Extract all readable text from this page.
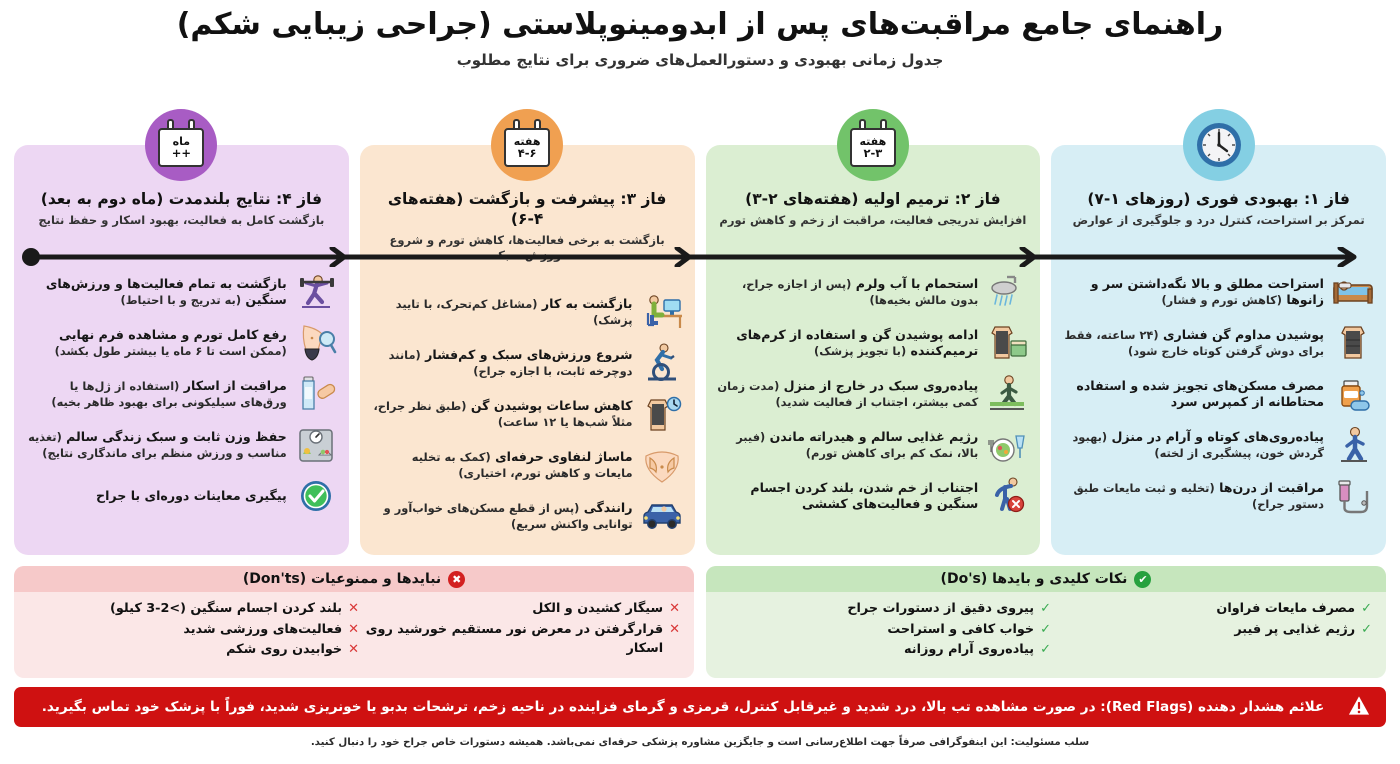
راهنمای جامع مراقبت‌های پس از ابدومینوپلاستی (جراحی زیبایی شکم)
جدول زمانی بهبودی و دستورالعمل‌های ضروری برای نتایج مطلوب
فاز ۱: بهبودی فوری (روزهای ۱-۷)
تمرکز بر استراحت، کنترل درد و جلوگیری از عوارض
استراحت مطلق و بالا نگه‌داشتن سر و زانوها (کاهش تورم و فشار)
پوشیدن مداوم گن فشاری (۲۴ ساعته، فقط برای دوش گرفتن کوتاه خارج شود)
مصرف مسکن‌های تجویز شده و استفاده محتاطانه از کمپرس سرد
پیاده‌روی‌های کوتاه و آرام در منزل (بهبود گردش خون، پیشگیری از لخته)
مراقبت از درن‌ها (تخلیه و ثبت مایعات طبق دستور جراح)
هفته
۲-۳
فاز ۲: ترمیم اولیه (هفته‌های ۲-۳)
افزایش تدریجی فعالیت، مراقبت از زخم و کاهش تورم
استحمام با آب ولرم (پس از اجازه جراح، بدون مالش بخیه‌ها)
ادامه پوشیدن گن و استفاده از کرم‌های ترمیم‌کننده (با تجویز پزشک)
پیاده‌روی سبک در خارج از منزل (مدت زمان کمی بیشتر، اجتناب از فعالیت شدید)
رژیم غذایی سالم و هیدراته ماندن (فیبر بالا، نمک کم برای کاهش تورم)
اجتناب از خم شدن، بلند کردن اجسام سنگین و فعالیت‌های کششی
هفته
۴-۶
فاز ۳: پیشرفت و بازگشت (هفته‌های ۴-۶)
بازگشت به برخی فعالیت‌ها، کاهش تورم و شروع ورزش سبک
بازگشت به کار (مشاغل کم‌تحرک، با تایید پزشک)
شروع ورزش‌های سبک و کم‌فشار (مانند دوچرخه ثابت، با اجازه جراح)
کاهش ساعات پوشیدن گن (طبق نظر جراح، مثلاً شب‌ها یا ۱۲ ساعت)
ماساژ لنفاوی حرفه‌ای (کمک به تخلیه مایعات و کاهش تورم، اختیاری)
رانندگی (پس از قطع مسکن‌های خواب‌آور و توانایی واکنش سریع)
ماه
++
فاز ۴: نتایج بلندمدت (ماه دوم به بعد)
بازگشت کامل به فعالیت، بهبود اسکار و حفظ نتایج
بازگشت به تمام فعالیت‌ها و ورزش‌های سنگین (به تدریج و با احتیاط)
رفع کامل تورم و مشاهده فرم نهایی (ممکن است تا ۶ ماه یا بیشتر طول بکشد)
مراقبت از اسکار (استفاده از ژل‌ها یا ورق‌های سیلیکونی برای بهبود ظاهر بخیه)
حفظ وزن ثابت و سبک زندگی سالم (تغذیه مناسب و ورزش منظم برای ماندگاری نتایج)
پیگیری معاینات دوره‌ای با جراح
✔
نکات کلیدی و بایدها (Do's)
✓
مصرف مایعات فراوان
✓
رژیم غذایی پر فیبر
✓
پیروی دقیق از دستورات جراح
✓
خواب کافی و استراحت
✓
پیاده‌روی آرام روزانه
✖
نبایدها و ممنوعیات (Don'ts)
✕
سیگار کشیدن و الکل
✕
قرارگرفتن در معرض نور مستقیم خورشید روی اسکار
✕
بلند کردن اجسام سنگین (>2-3 کیلو)
✕
فعالیت‌های ورزشی شدید
✕
خوابیدن روی شکم
علائم هشدار دهنده (Red Flags): در صورت مشاهده تب بالا، درد شدید و غیرقابل کنترل، قرمزی و گرمای فزاینده در ناحیه زخم، ترشحات بدبو یا خونریزی شدید، فوراً با پزشک خود تماس بگیرید.
سلب مسئولیت: این اینفوگرافی صرفاً جهت اطلاع‌رسانی است و جایگزین مشاوره پزشکی حرفه‌ای نمی‌باشد. همیشه دستورات خاص جراح خود را دنبال کنید.
